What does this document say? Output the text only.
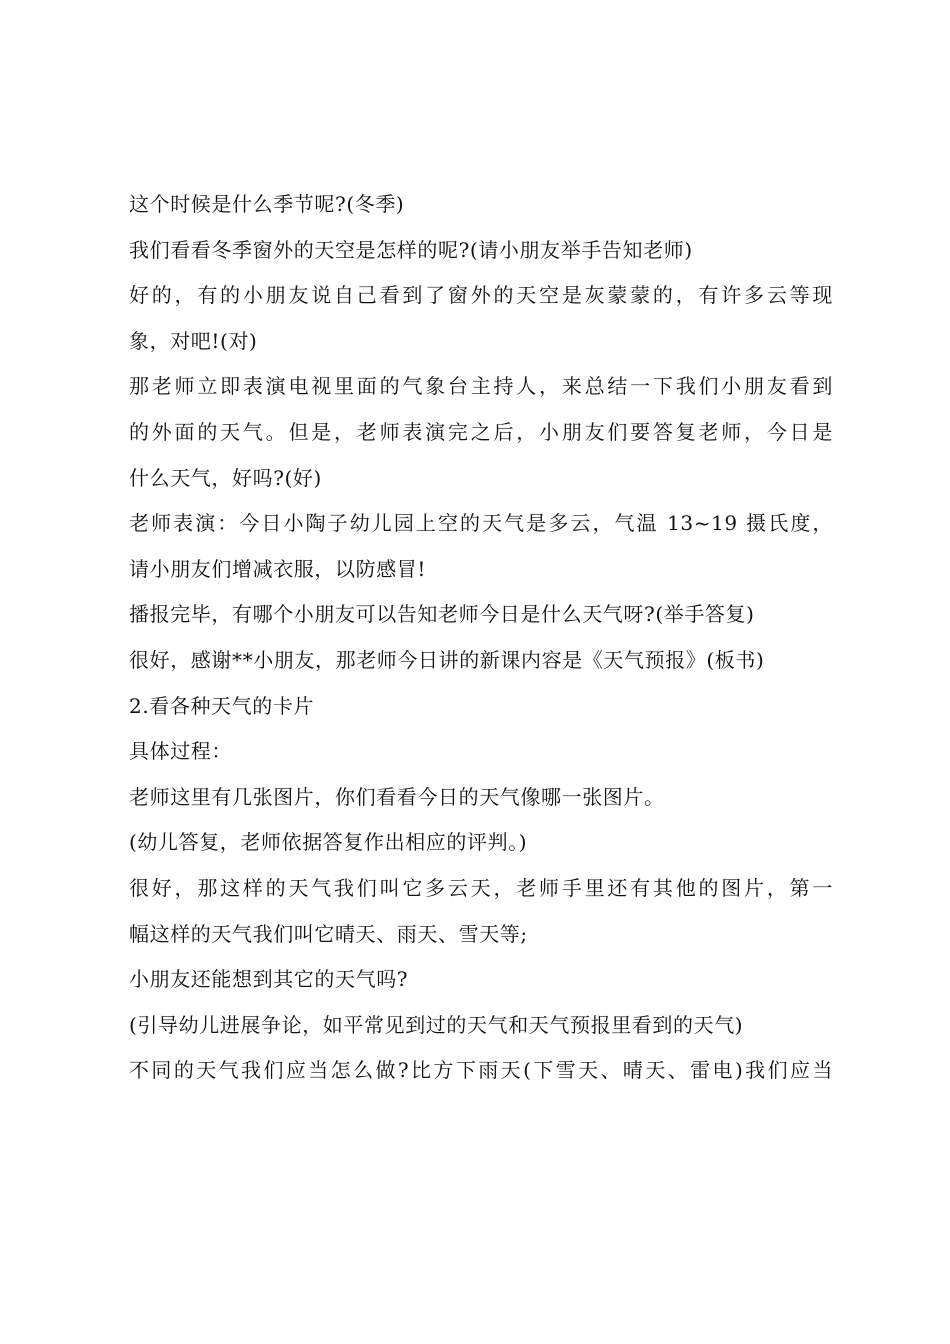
这个时候是什么季节呢?(冬季)
我们看看冬季窗外的天空是怎样的呢?(请小朋友举手告知老师)
好的，有的小朋友说自己看到了窗外的天空是灰蒙蒙的，有许多云等现
象，对吧!(对)
那老师立即表演电视里面的气象台主持人，来总结一下我们小朋友看到
的外面的天气。但是，老师表演完之后，小朋友们要答复老师，今日是
什么天气，好吗?(好)
老师表演：今日小陶子幼儿园上空的天气是多云，气温 13~19 摄氏度，
请小朋友们增减衣服，以防感冒!
播报完毕，有哪个小朋友可以告知老师今日是什么天气呀?(举手答复)
很好，感谢**小朋友，那老师今日讲的新课内容是《天气预报》(板书)
2.看各种天气的卡片
具体过程：
老师这里有几张图片，你们看看今日的天气像哪一张图片。
(幼儿答复，老师依据答复作出相应的评判。)
很好，那这样的天气我们叫它多云天，老师手里还有其他的图片，第一
幅这样的天气我们叫它晴天、雨天、雪天等;
小朋友还能想到其它的天气吗?
(引导幼儿进展争论，如平常见到过的天气和天气预报里看到的天气)
不同的天气我们应当怎么做?比方下雨天(下雪天、晴天、雷电)我们应当
